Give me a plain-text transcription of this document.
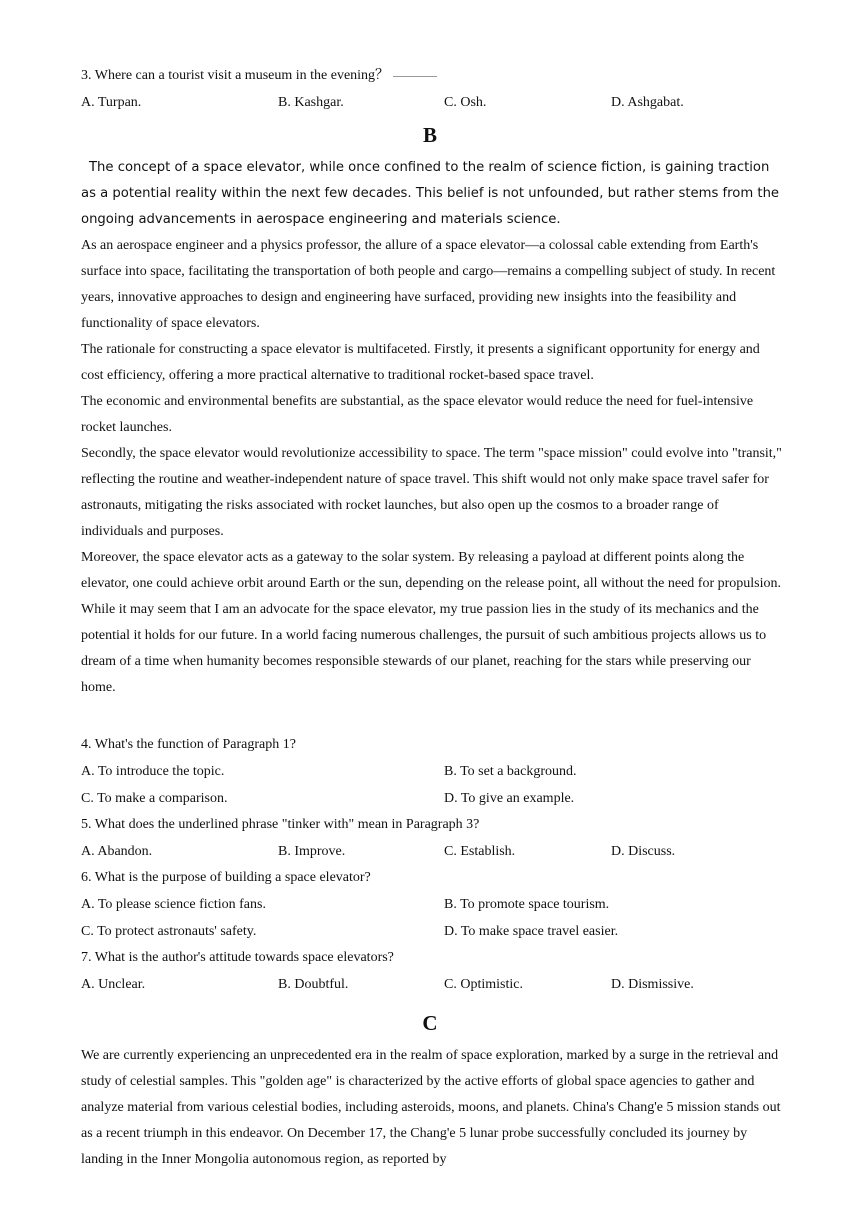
3. Where can a tourist visit a museum in the evening？
A. Turpan.	B. Kashgar.	C. Osh.	D. Ashgabat.
B
The concept of a space elevator, while once confined to the realm of science fiction, is gaining traction as a potential reality within the next few decades. This belief is not unfounded, but rather stems from the ongoing advancements in aerospace engineering and materials science.
As an aerospace engineer and a physics professor, the allure of a space elevator—a colossal cable extending from Earth's surface into space, facilitating the transportation of both people and cargo—remains a compelling subject of study. In recent years, innovative approaches to design and engineering have surfaced, providing new insights into the feasibility and functionality of space elevators.
The rationale for constructing a space elevator is multifaceted. Firstly, it presents a significant opportunity for energy and cost efficiency, offering a more practical alternative to traditional rocket-based space travel.
The economic and environmental benefits are substantial, as the space elevator would reduce the need for fuel-intensive rocket launches.
Secondly, the space elevator would revolutionize accessibility to space. The term "space mission" could evolve into "transit," reflecting the routine and weather-independent nature of space travel. This shift would not only make space travel safer for astronauts, mitigating the risks associated with rocket launches, but also open up the cosmos to a broader range of individuals and purposes.
Moreover, the space elevator acts as a gateway to the solar system. By releasing a payload at different points along the elevator, one could achieve orbit around Earth or the sun, depending on the release point, all without the need for propulsion.
While it may seem that I am an advocate for the space elevator, my true passion lies in the study of its mechanics and the potential it holds for our future. In a world facing numerous challenges, the pursuit of such ambitious projects allows us to dream of a time when humanity becomes responsible stewards of our planet, reaching for the stars while preserving our home.
4. What's the function of Paragraph 1?
A. To introduce the topic.	B. To set a background.
C. To make a comparison.	D. To give an example.
5. What does the underlined phrase "tinker with" mean in Paragraph 3?
A. Abandon.	B. Improve.	C. Establish.	D. Discuss.
6. What is the purpose of building a space elevator?
A. To please science fiction fans.	B. To promote space tourism.
C. To protect astronauts' safety.	D. To make space travel easier.
7. What is the author's attitude towards space elevators?
A. Unclear.	B. Doubtful.	C. Optimistic.	D. Dismissive.
C
We are currently experiencing an unprecedented era in the realm of space exploration, marked by a surge in the retrieval and study of celestial samples. This "golden age" is characterized by the active efforts of global space agencies to gather and analyze material from various celestial bodies, including asteroids, moons, and planets. China's Chang'e 5 mission stands out as a recent triumph in this endeavor. On December 17, the Chang'e 5 lunar probe successfully concluded its journey by landing in the Inner Mongolia autonomous region, as reported by
